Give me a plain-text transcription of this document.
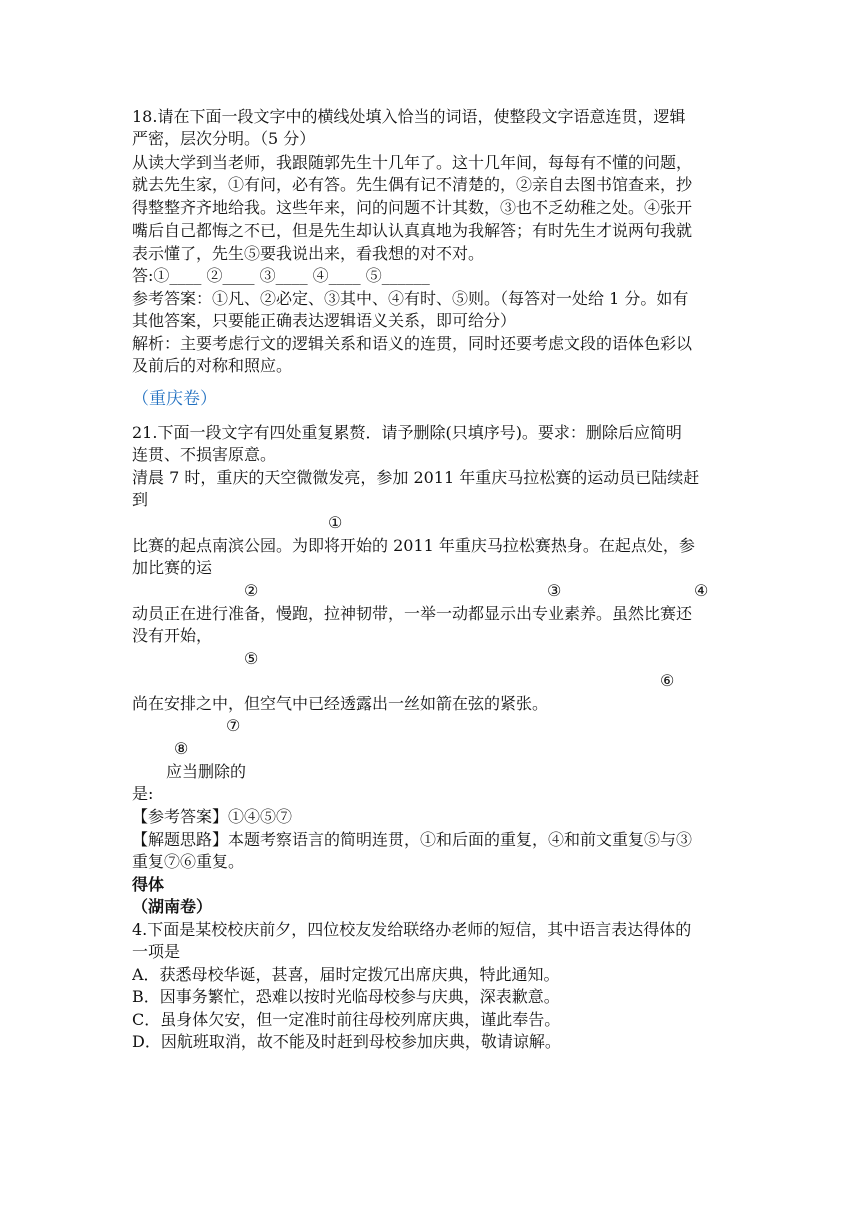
18.请在下面一段文字中的横线处填入恰当的词语，使整段文字语意连贯，逻辑
严密，层次分明。（5 分）
从读大学到当老师，我跟随郭先生十几年了。这十几年间，每每有不懂的问题，
就去先生家，①有问，必有答。先生偶有记不清楚的，②亲自去图书馆查来，抄
得整整齐齐地给我。这些年来，问的问题不计其数，③也不乏幼稚之处。④张开
嘴后自己都悔之不已，但是先生却认认真真地为我解答；有时先生才说两句我就
表示懂了，先生⑤要我说出来，看我想的对不对。
答:①____ ②____ ③____ ④____ ⑤______
参考答案：①凡、②必定、③其中、④有时、⑤则。（每答对一处给 1 分。如有
其他答案，只要能正确表达逻辑语义关系，即可给分）
解析：主要考虑行文的逻辑关系和语义的连贯，同时还要考虑文段的语体色彩以
及前后的对称和照应。
（重庆卷）
21.下面一段文字有四处重复累赘．请予删除(只填序号)。要求：删除后应简明
连贯、不损害原意。
清晨 7 时，重庆的天空微微发亮，参加 2011 年重庆马拉松赛的运动员已陆续赶
到
①
比赛的起点南滨公园。为即将开始的 2011 年重庆马拉松赛热身。在起点处，参
加比赛的运
②	③	④
动员正在进行准备，慢跑，拉神韧带，一举一动都显示出专业素养。虽然比赛还
没有开始，
⑤
⑥
尚在安排之中，但空气中已经透露出一丝如箭在弦的紧张。
⑦
⑧
应当删除的
是:
【参考答案】①④⑤⑦
【解题思路】本题考察语言的简明连贯，①和后面的重复，④和前文重复⑤与③
重复⑦⑥重复。
得体
（湖南卷）
4.下面是某校校庆前夕，四位校友发给联络办老师的短信，其中语言表达得体的
一项是
A．获悉母校华诞，甚喜，届时定拨冗出席庆典，特此通知。
B．因事务繁忙，恐难以按时光临母校参与庆典，深表歉意。
C．虽身体欠安，但一定准时前往母校列席庆典，谨此奉告。
D．因航班取消，故不能及时赶到母校参加庆典，敬请谅解。
